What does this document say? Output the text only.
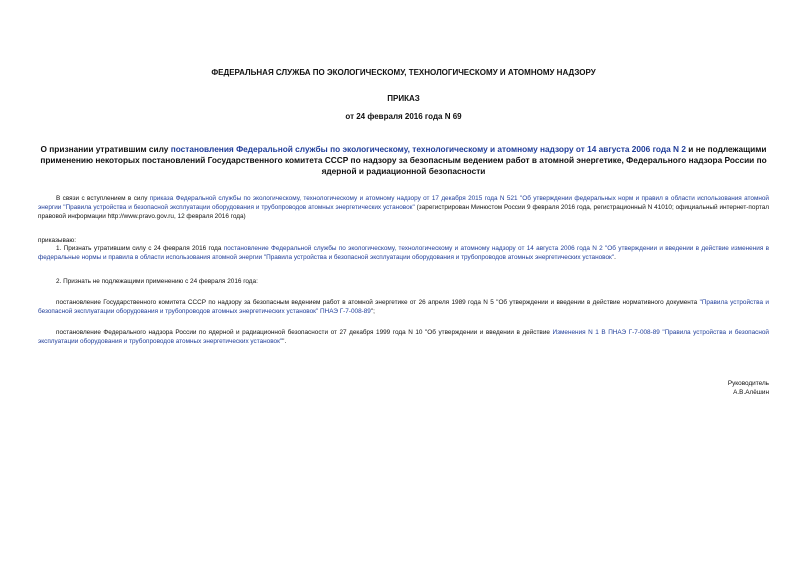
ФЕДЕРАЛЬНАЯ СЛУЖБА ПО ЭКОЛОГИЧЕСКОМУ, ТЕХНОЛОГИЧЕСКОМУ И АТОМНОМУ НАДЗОРУ
ПРИКАЗ
от 24 февраля 2016 года N 69
О признании утратившим силу постановления Федеральной службы по экологическому, технологическому и атомному надзору от 14 августа 2006 года N 2 и не подлежащими применению некоторых постановлений Государственного комитета СССР по надзору за безопасным ведением работ в атомной энергетике, Федерального надзора России по ядерной и радиационной безопасности
В связи с вступлением в силу приказа Федеральной службы по экологическому, технологическому и атомному надзору от 17 декабря 2015 года N 521 "Об утверждении федеральных норм и правил в области использования атомной энергии "Правила устройства и безопасной эксплуатации оборудования и трубопроводов атомных энергетических установок" (зарегистрирован Минюстом России 9 февраля 2016 года, регистрационный N 41010; официальный интернет-портал правовой информации http://www.pravo.gov.ru, 12 февраля 2016 года)
приказываю:
1. Признать утратившим силу с 24 февраля 2016 года постановление Федеральной службы по экологическому, технологическому и атомному надзору от 14 августа 2006 года N 2 "Об утверждении и введении в действие изменения в федеральные нормы и правила в области использования атомной энергии "Правила устройства и безопасной эксплуатации оборудования и трубопроводов атомных энергетических установок".
2. Признать не подлежащими применению с 24 февраля 2016 года:
постановление Государственного комитета СССР по надзору за безопасным ведением работ в атомной энергетике от 26 апреля 1989 года N 5 "Об утверждении и введении в действие нормативного документа "Правила устройства и безопасной эксплуатации оборудования и трубопроводов атомных энергетических установок" ПНАЭ Г-7-008-89";
постановление Федерального надзора России по ядерной и радиационной безопасности от 27 декабря 1999 года N 10 "Об утверждении и введении в действие Изменения N 1 В ПНАЭ Г-7-008-89 "Правила устройства и безопасной эксплуатации оборудования и трубопроводов атомных энергетических установок"".
Руководитель
А.В.Алёшин
